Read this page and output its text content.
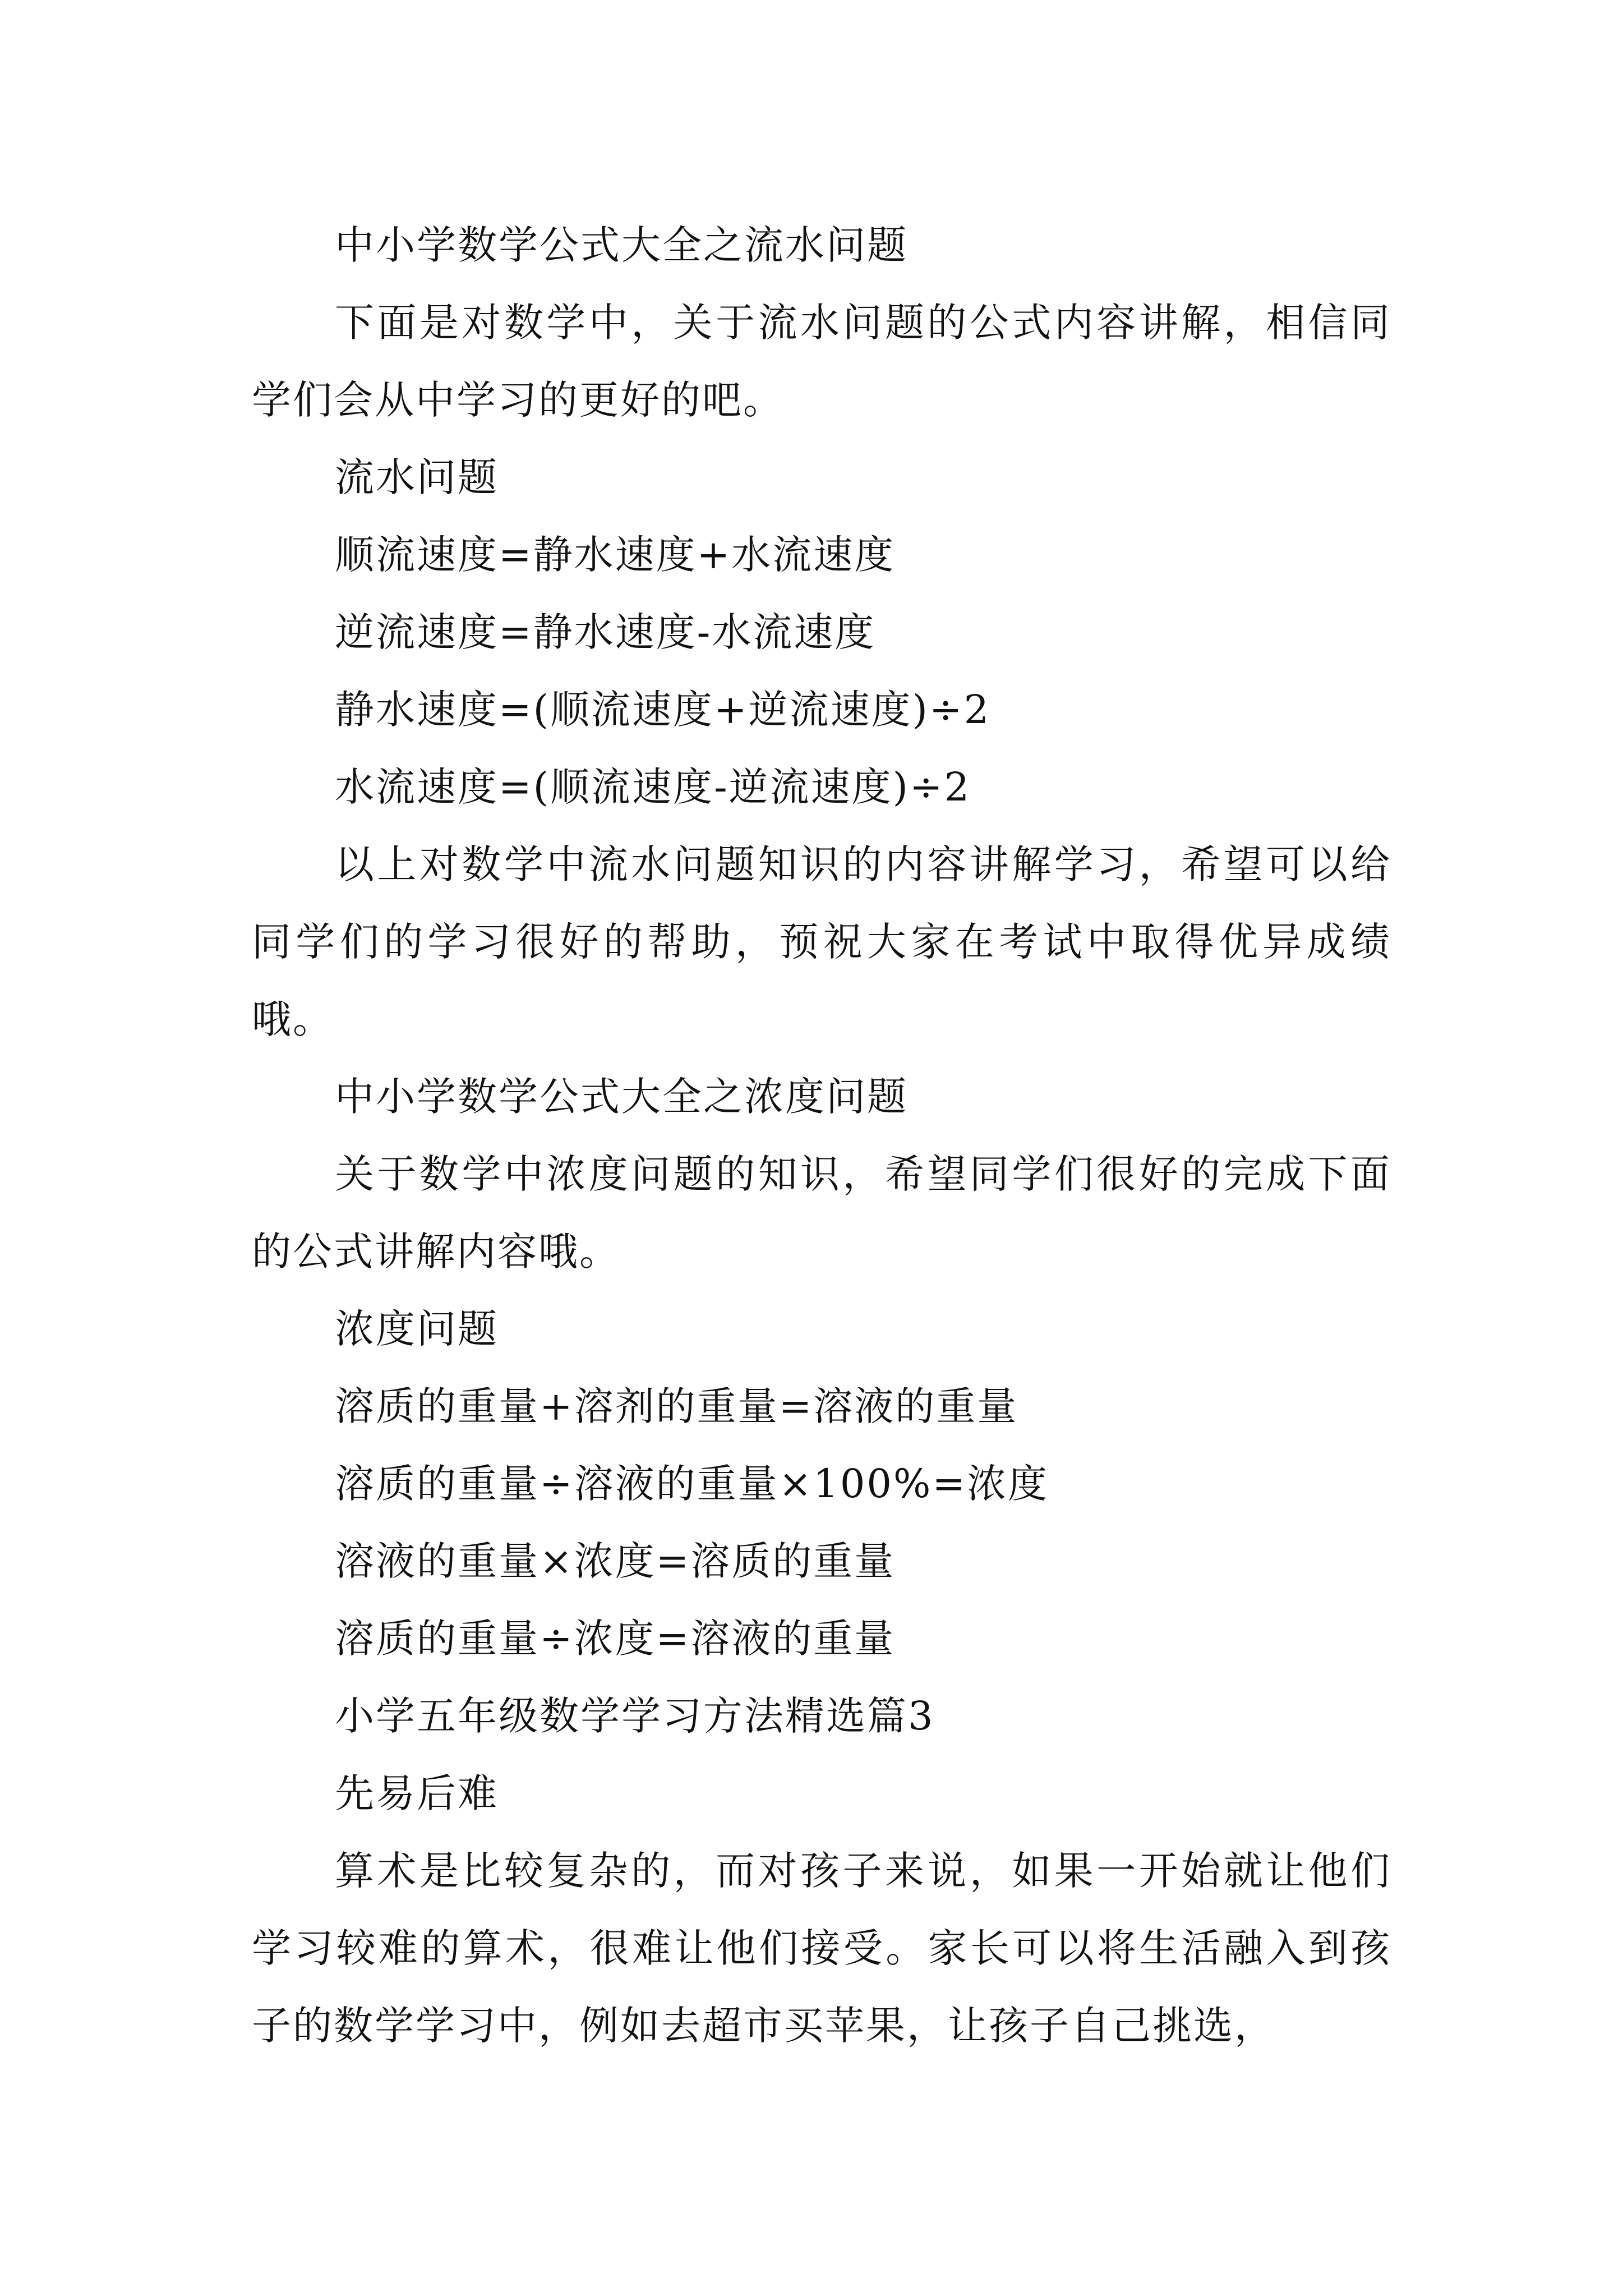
中小学数学公式大全之流水问题

下面是对数学中，关于流水问题的公式内容讲解，相信同学们会从中学习的更好的吧。

流水问题

顺流速度=静水速度+水流速度

逆流速度=静水速度-水流速度

静水速度=(顺流速度+逆流速度)÷2

水流速度=(顺流速度-逆流速度)÷2

以上对数学中流水问题知识的内容讲解学习，希望可以给同学们的学习很好的帮助，预祝大家在考试中取得优异成绩哦。

中小学数学公式大全之浓度问题

关于数学中浓度问题的知识，希望同学们很好的完成下面的公式讲解内容哦。

浓度问题

溶质的重量+溶剂的重量=溶液的重量

溶质的重量÷溶液的重量×100%=浓度

溶液的重量×浓度=溶质的重量

溶质的重量÷浓度=溶液的重量

小学五年级数学学习方法精选篇3

先易后难

算术是比较复杂的，而对孩子来说，如果一开始就让他们学习较难的算术，很难让他们接受。家长可以将生活融入到孩子的数学学习中，例如去超市买苹果，让孩子自己挑选，
